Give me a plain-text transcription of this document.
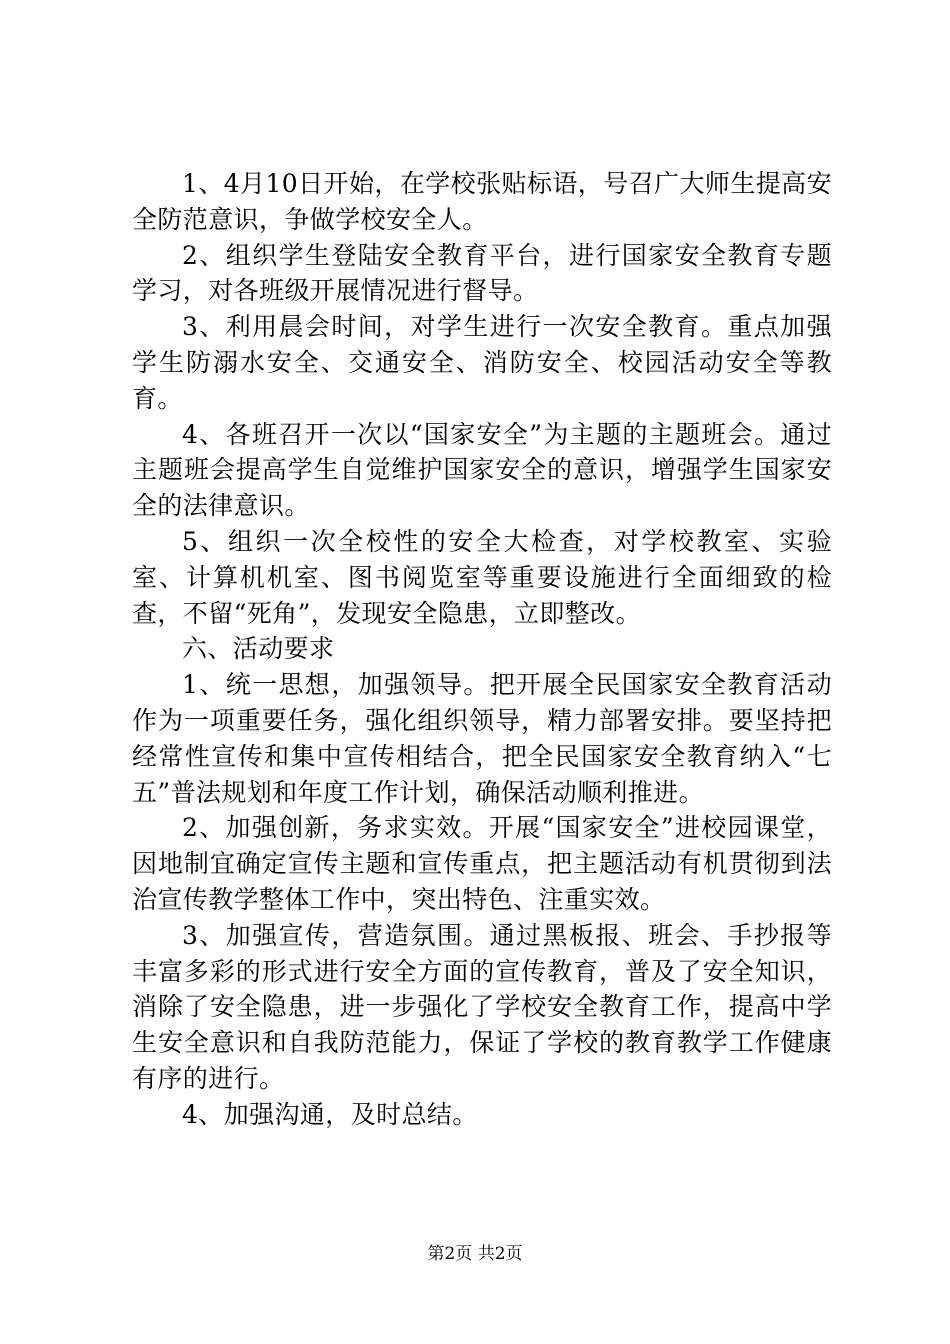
1、4月10日开始，在学校张贴标语，号召广大师生提高安全防范意识，争做学校安全人。

2、组织学生登陆安全教育平台，进行国家安全教育专题学习，对各班级开展情况进行督导。

3、利用晨会时间，对学生进行一次安全教育。重点加强学生防溺水安全、交通安全、消防安全、校园活动安全等教育。

4、各班召开一次以“国家安全”为主题的主题班会。通过主题班会提高学生自觉维护国家安全的意识，增强学生国家安全的法律意识。

5、组织一次全校性的安全大检查，对学校教室、实验室、计算机机室、图书阅览室等重要设施进行全面细致的检查，不留“死角”，发现安全隐患，立即整改。

六、活动要求

1、统一思想，加强领导。把开展全民国家安全教育活动作为一项重要任务，强化组织领导，精力部署安排。要坚持把经常性宣传和集中宣传相结合，把全民国家安全教育纳入“七五”普法规划和年度工作计划，确保活动顺利推进。

2、加强创新，务求实效。开展“国家安全”进校园课堂，因地制宜确定宣传主题和宣传重点，把主题活动有机贯彻到法治宣传教学整体工作中，突出特色、注重实效。

3、加强宣传，营造氛围。通过黑板报、班会、手抄报等丰富多彩的形式进行安全方面的宣传教育，普及了安全知识，消除了安全隐患，进一步强化了学校安全教育工作，提高中学生安全意识和自我防范能力，保证了学校的教育教学工作健康有序的进行。

4、加强沟通，及时总结。

第2页 共2页
